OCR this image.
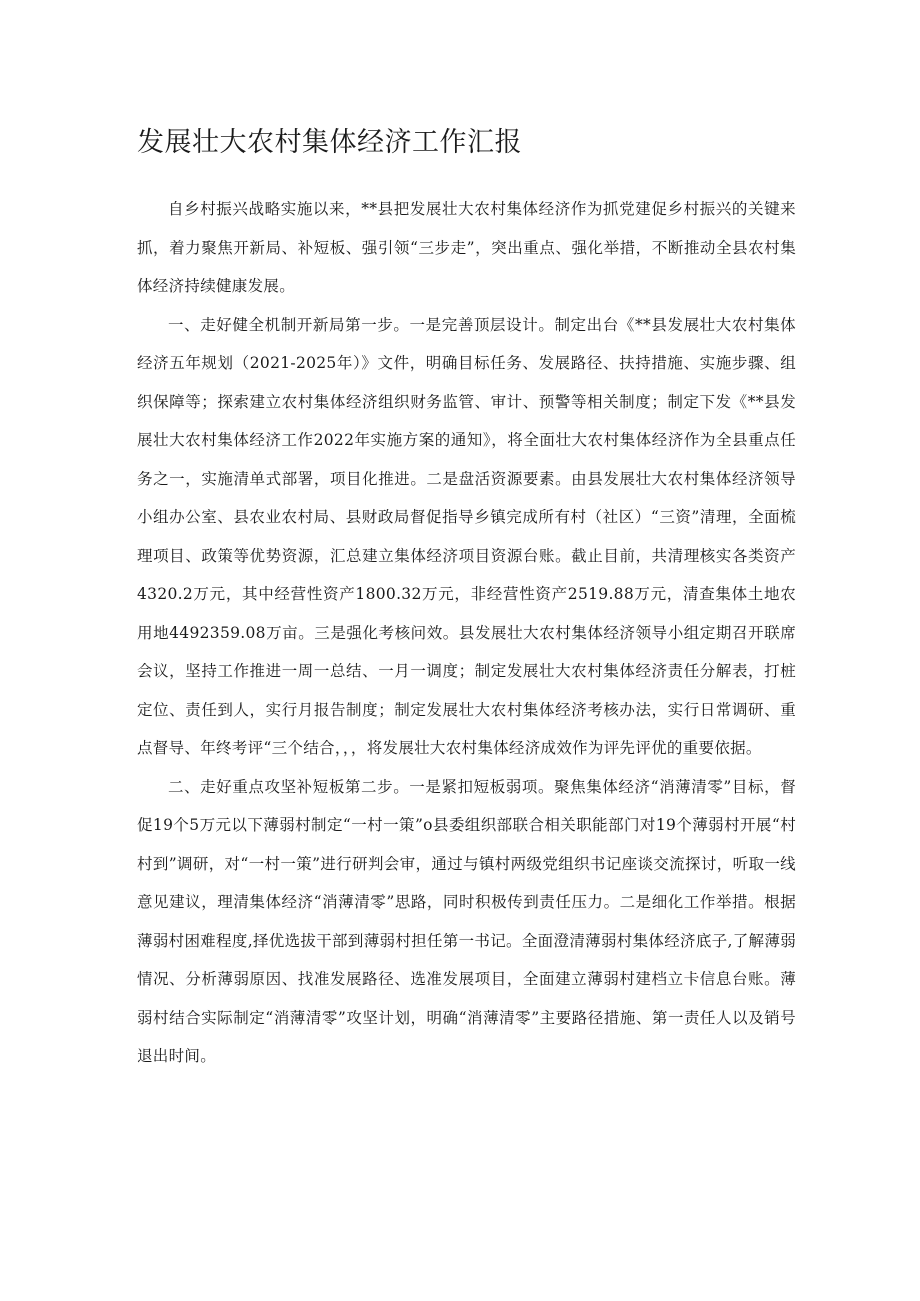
发展壮大农村集体经济工作汇报

自乡村振兴战略实施以来，**县把发展壮大农村集体经济作为抓党建促乡村振兴的关键来抓，着力聚焦开新局、补短板、强引领“三步走”，突出重点、强化举措，不断推动全县农村集体经济持续健康发展。

一、走好健全机制开新局第一步。一是完善顶层设计。制定出台《**县发展壮大农村集体经济五年规划（2021-2025年）》文件，明确目标任务、发展路径、扶持措施、实施步骤、组织保障等；探索建立农村集体经济组织财务监管、审计、预警等相关制度；制定下发《**县发展壮大农村集体经济工作2022年实施方案的通知》，将全面壮大农村集体经济作为全县重点任务之一，实施清单式部署，项目化推进。二是盘活资源要素。由县发展壮大农村集体经济领导小组办公室、县农业农村局、县财政局督促指导乡镇完成所有村（社区）“三资”清理，全面梳理项目、政策等优势资源，汇总建立集体经济项目资源台账。截止目前，共清理核实各类资产4320.2万元，其中经营性资产1800.32万元，非经营性资产2519.88万元，清查集体土地农用地4492359.08万亩。三是强化考核问效。县发展壮大农村集体经济领导小组定期召开联席会议，坚持工作推进一周一总结、一月一调度；制定发展壮大农村集体经济责任分解表，打桩定位、责任到人，实行月报告制度；制定发展壮大农村集体经济考核办法，实行日常调研、重点督导、年终考评“三个结合，，，将发展壮大农村集体经济成效作为评先评优的重要依据。

二、走好重点攻坚补短板第二步。一是紧扣短板弱项。聚焦集体经济“消薄清零”目标，督促19个5万元以下薄弱村制定“一村一策”o县委组织部联合相关职能部门对19个薄弱村开展“村村到”调研，对“一村一策”进行研判会审，通过与镇村两级党组织书记座谈交流探讨，听取一线意见建议，理清集体经济“消薄清零”思路，同时积极传到责任压力。二是细化工作举措。根据薄弱村困难程度,择优选拔干部到薄弱村担任第一书记。全面澄清薄弱村集体经济底子,了解薄弱情况、分析薄弱原因、找准发展路径、选准发展项目，全面建立薄弱村建档立卡信息台账。薄弱村结合实际制定“消薄清零”攻坚计划，明确“消薄清零”主要路径措施、第一责任人以及销号退出时间。
